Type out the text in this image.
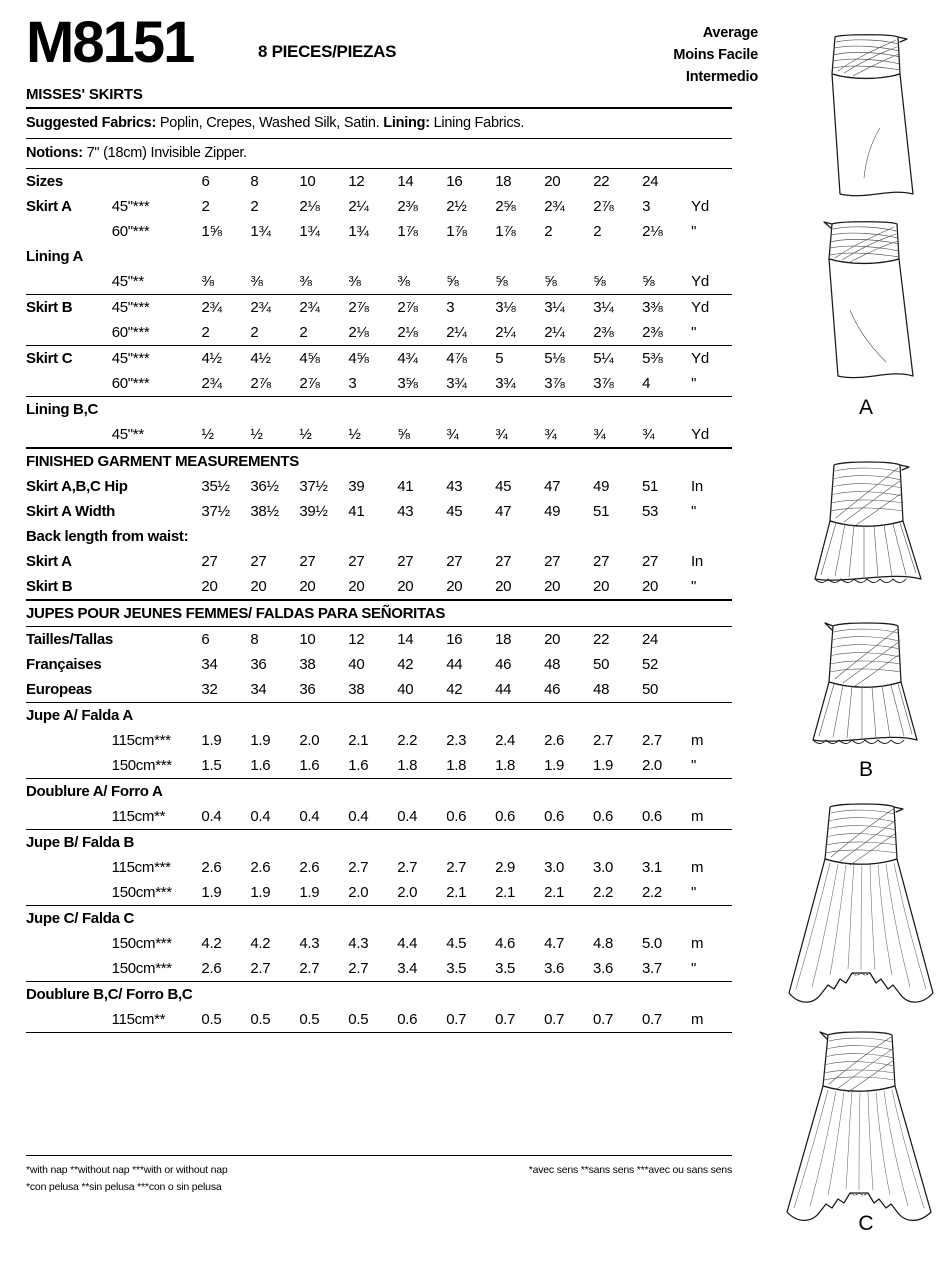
M8151	8 PIECES/PIEZAS
Average
Moins Facile
Intermedio
MISSES' SKIRTS
Suggested Fabrics: Poplin, Crepes, Washed Silk, Satin. Lining: Lining Fabrics.
Notions: 7" (18cm) Invisible Zipper.
Sizes		6	8	10	12	14	16	18	20	22	24	
Skirt A	45"***	2	2	2⅛	2¼	2⅜	2½	2⅝	2¾	2⅞	3	Yd
	60"***	1⅝	1¾	1¾	1¾	1⅞	1⅞	1⅞	2	2	2⅛	"
Lining A												
	45"**	⅜	⅜	⅜	⅜	⅜	⅝	⅝	⅝	⅝	⅝	Yd
Skirt B	45"***	2¾	2¾	2¾	2⅞	2⅞	3	3⅛	3¼	3¼	3⅜	Yd
	60"***	2	2	2	2⅛	2⅛	2¼	2¼	2¼	2⅜	2⅜	"
Skirt C	45"***	4½	4½	4⅝	4⅝	4¾	4⅞	5	5⅛	5¼	5⅜	Yd
	60"***	2¾	2⅞	2⅞	3	3⅝	3¾	3¾	3⅞	3⅞	4	"
Lining B,C												
	45"**	½	½	½	½	⅝	¾	¾	¾	¾	¾	Yd
FINISHED GARMENT MEASUREMENTS											
Skirt A,B,C Hip	35½	36½	37½	39	41	43	45	47	49	51	In
Skirt A Width	37½	38½	39½	41	43	45	47	49	51	53	"
Back length from waist:											
Skirt A	27	27	27	27	27	27	27	27	27	27	In
Skirt B	20	20	20	20	20	20	20	20	20	20	"
JUPES POUR JEUNES FEMMES/ FALDAS PARA SEÑORITAS												
Tailles/Tallas		6	8	10	12	14	16	18	20	22	24	
Françaises		34	36	38	40	42	44	46	48	50	52	
Europeas		32	34	36	38	40	42	44	46	48	50	
Jupe A/ Falda A												
	115cm***	1.9	1.9	2.0	2.1	2.2	2.3	2.4	2.6	2.7	2.7	m
	150cm***	1.5	1.6	1.6	1.6	1.8	1.8	1.8	1.9	1.9	2.0	"
Doublure A/ Forro A												
	115cm**	0.4	0.4	0.4	0.4	0.4	0.6	0.6	0.6	0.6	0.6	m
Jupe B/ Falda B												
	115cm***	2.6	2.6	2.6	2.7	2.7	2.7	2.9	3.0	3.0	3.1	m
	150cm***	1.9	1.9	1.9	2.0	2.0	2.1	2.1	2.1	2.2	2.2	"
Jupe C/ Falda C												
	150cm***	4.2	4.2	4.3	4.3	4.4	4.5	4.6	4.7	4.8	5.0	m
	150cm***	2.6	2.7	2.7	2.7	3.4	3.5	3.5	3.6	3.6	3.7	"
Doublure B,C/ Forro B,C												
	115cm**	0.5	0.5	0.5	0.5	0.6	0.7	0.7	0.7	0.7	0.7	m

*with nap **without nap ***with or without nap	*avec sens **sans sens ***avec ou sans sens
*con pelusa **sin pelusa ***con o sin pelusa
A
B
C
